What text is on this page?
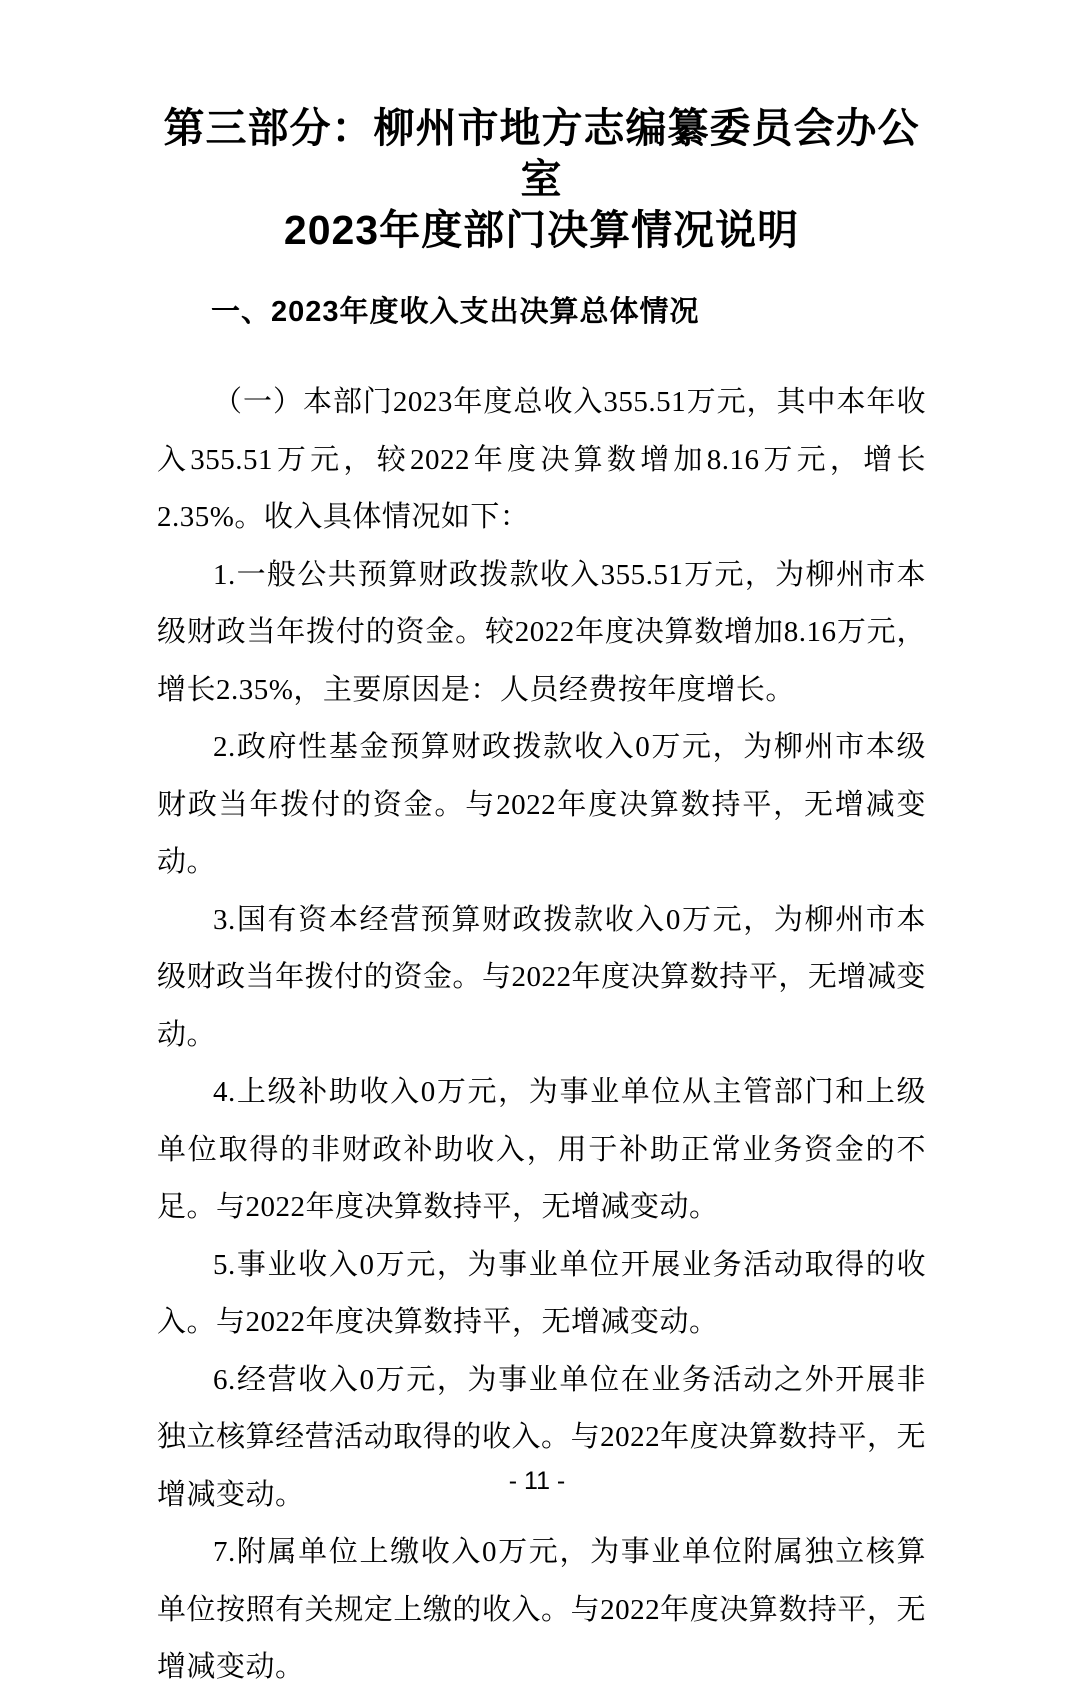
第三部分：柳州市地方志编纂委员会办公室
2023年度部门决算情况说明
一、2023年度收入支出决算总体情况

（一）本部门2023年度总收入355.51万元，其中本年收入355.51万元，较2022年度决算数增加8.16万元，增长2.35%。收入具体情况如下：

1.一般公共预算财政拨款收入355.51万元，为柳州市本级财政当年拨付的资金。较2022年度决算数增加8.16万元，增长2.35%，主要原因是：人员经费按年度增长。

2.政府性基金预算财政拨款收入0万元，为柳州市本级财政当年拨付的资金。与2022年度决算数持平，无增减变动。

3.国有资本经营预算财政拨款收入0万元，为柳州市本级财政当年拨付的资金。与2022年度决算数持平，无增减变动。

4.上级补助收入0万元，为事业单位从主管部门和上级单位取得的非财政补助收入，用于补助正常业务资金的不足。与2022年度决算数持平，无增减变动。

5.事业收入0万元，为事业单位开展业务活动取得的收入。与2022年度决算数持平，无增减变动。

6.经营收入0万元，为事业单位在业务活动之外开展非独立核算经营活动取得的收入。与2022年度决算数持平，无增减变动。

7.附属单位上缴收入0万元，为事业单位附属独立核算单位按照有关规定上缴的收入。与2022年度决算数持平，无增减变动。

- 11 -
